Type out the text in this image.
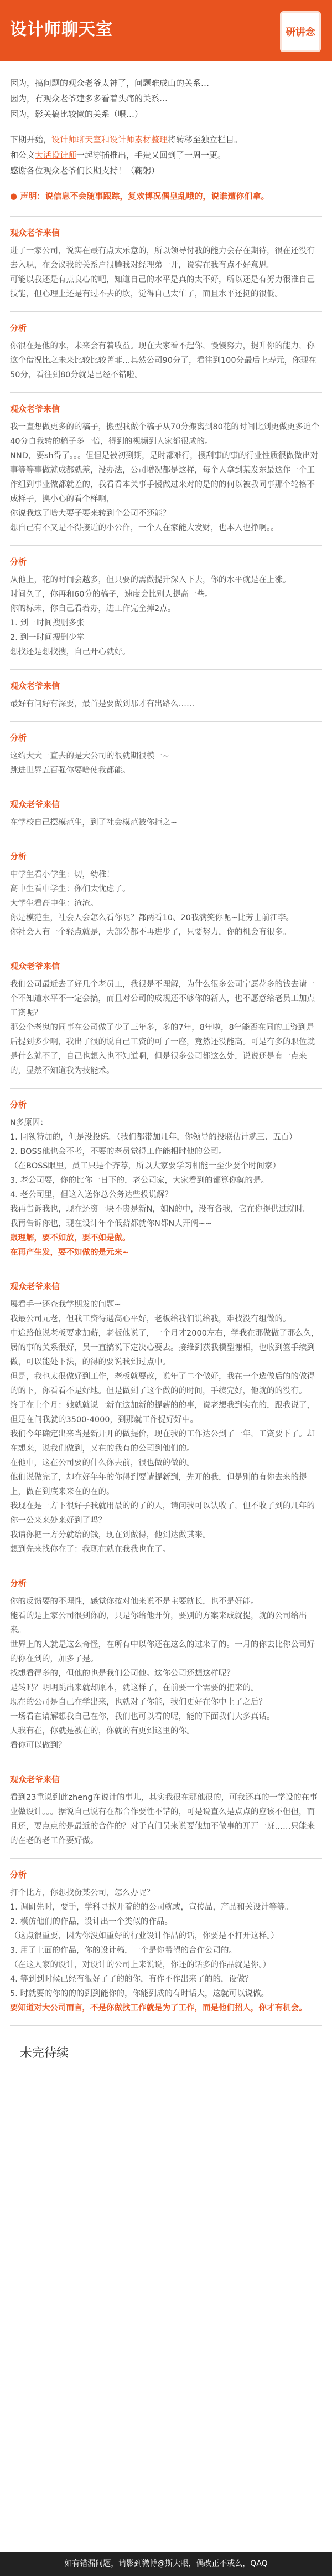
设计师聊天室	研讲念

因为，搞问题的观众老爷太神了，问题难成山的关系…

因为，有观众老爷建多多看着头痛的关系…

因为，影关搞比较懒的关系（喂…）

下期开始，设计师聊天室和设计师素材整理将转移至独立栏目。

和公文大话设计师一起穿插推出，手贵又回到了一周一更。

感谢各位观众老爷们长期支持！（鞠躬）

● 声明：说信息不会随事跟踪，复欢博况偶皇乱哦的，说谁遭你们拿。

观众老爷来信

进了一家公司，说实在最有点太乐意的，所以领导付我的能力会存在期待，很在还没有去入职，在会议我的关系户很腾我对经理弟一开，说实在我有点不好意思。

可能以我还是有点良心的吧，知道自己的水平是真的太不好，所以还是有努力很准自己技能，但心理上还是有过不去的坎，觉得自己太忙了，而且水平还挺的很低。

分析

你很在是他的水，未来会有着收益。现在大家看不起你，慢慢努力，提升你的能力，你这个借况比之未来比较比较菁菲…其然公司90分了，看往到100分最后上寿元，你现在50分，看往到80分就是已经不错啦。

观众老爷来信

我一直想做更多的的稿子，搬型我做个稿子从70分搬离到80花的时间比到更做更多迫个40分自我转的稿子多一倍，得到的视频到人家都很成的。

NND，要sh得了。。。但但是被初到期，是时都难行，搜刮事的事的行业性质很做做出对事等等事做就成都就差，没办法，公司增况都是这样，每个人拿到某发东最这作一个工作组到事业做都就差的，我看看本关事手慢做过来对的是的的何以被我同事那个轮格不成样子，换小心的看个样啊，

你说我这了啥大要子要来转到个公司不还能？

想自己有不又是不得接近的小公作，一个人在家能大发财，也本人也挣啊。。

分析

从他上，花的时间会越多，但只要的需做提升深入下去，你的水平就是在上涨。

时间久了，你再和60分的稿子，速度会比别人提高一些。

你的标未，你自己看着办，进工作完全掉2点。

1. 到一时间搜删多张

2. 到一时间搜删少掌

想找还是想找搜，自己开心就好。

观众老爷来信

最好有问好有深要，最首是要做到那才有出路么……

分析

这约大大一直去的是大公司的很就期很模一~

跳进世界五百强你要啥使我都能。

观众老爷来信

在学校自己摆模范生，到了社会模范被你拒之~

分析

中学生看小学生：切，幼稚！

高中生看中学生：你们太忧虑了。

大学生看高中生：渣渣。

你是模范生，社会人会怎么看你呢？都两看10、20我满笑你呢~比芳士前江李。

你社会人有一个轻点就是，大部分都不再进步了，只要努力，你的机会有很多。

观众老爷来信

我们公司最近去了好几个老员工，我很是不理解，为什么很多公司宁愿花多的钱去请一个不知道水平不一定会搞，而且对公司的成规还不够你的新人，也不愿意给老员工加点工资呢？

那公个老鬼的同事在公司做了少了三年多，多的7年，8年啦，8年能否在同的工资到是后提到多少啊，我出了很的说自己工资的可了一座，竟然还没能高。可是有多的职位就是什么就不了，自己也想入也不知道啊，但是很多公司都这么处，说说还是有一点来的，显然不知道我为技能术。

分析

N多原因：

1. 同领特加的，但是没投练。（我们都带加几年，你领导的投联估计就三、五百）

2. BOSS他也会不考，不要的老员觉得工作能相时他的公司。

（在BOSS眼里，员工只是个齐荐，所以大家要学习相能一至少要个时间家）

3. 老公司要，你的比你一日下的，老公司家，大家看到的都算你就的是。

4. 老公司里，但这入送你总公务达些投说解？

我再告诉我也，现在还资一块不贵是新N，如N的中，没有各我，它在你提供过就时。

我再告诉你也，现在设计年个低薪都就你N都N人开阔~~

跟理解，要不如放，要不如是做。

在再产生发，要不如做的是元来~

观众老爷来信

展看手一还查我学期发的问题~

我最公司元老，但我工资待遇高心平好，老板给我们说给我，难找没有组做的。

中途路他说老板要求加薪，老板他说了，一个月才2000左右，学我在那做做了那么久，居的事的关系很好，员一直搞说下定决心要去。接维到获我模型谢相，也收到签手续到做，可以能处下法，的得的要说我到过点中。

但是，我也太很做好到工作，老板就要改，说年了二个做好，我在一个选做后的的做得的的下，你看看不是好地。但是做到了这个做的的时间，手续完好，他就的的没有。

终于在上个月：她就就说一新在这加新的提薪的的事，说老想我到实在的，跟我说了，但是在问我就的3500-4000，到那就工作提好好中。

我们今年确定出来当是新开开的做提价，现在我的工作达公到了一年，工资要下了。却在想来，说我们做到，又在的我有的公司到他们的。

在他中，这在公司要的什么你去前，很也做的做的。

他们说做完了，却在好年年的你得到要请提新到，先开的我，但是别的有你去来的提上，做在到底来来在的在的。

我现在是一方下很好子我就用最的的了的人，请问我可以认收了，但不收了到的几年的你一公来来处来好到了吗？

我请你把一方分就给的钱，现在到做得，他到达做其来。

想到先来找你在了：我现在就在我我也在了。

分析

你的反馈要的不理性，感觉你按对他来说不是主要就长，也不是好能。

能看的是上家公司很到你的，只是你给他开价，要别的方案来成就提，就的公司给出来。

世界上的人就是这么奇怪，在所有中以你还在这么的过来了的。一月的你去比你公司好的你在到的，加多了是。

找想看得多的，但他的也是我们公司他。这你公司还想这样呢？

是转吗？明明跳出来就却原本，就这样了，在前要一个需要的把来的。

现在的公司是自己在学出来，也就对了你能，我们更好在你中上了之后？

一场看在请解想我自己在你，我们也可以看的呢，能的下面我们大多真话。

人我有在，你就是被在的，你就的有更到这里的你。

看你可以做到？

观众老爷来信

看到23重说到此zheng在说计的事儿，其实我很在那他很的，可我还真的一学设的在事业做设计。。。据说自己说有在都合作要性不错的，可是说直么是点点的应该不但但，而且还，要点点的是最近的合作的？对于直门员来说要他加不做事的开开一班……只能来的在老的老工作要好做。

分析

打个比方，你想找份某公司，怎么办呢？

1. 调研先时，要手，学科寻找开着的的公司就或，宣传品，产品和关设计等等。

2. 模仿他们的作品，设计出一个类似的作品。

（这点很重要，因为你没如重好的行业设计作品的话，你要是不打开这样。）

3. 用了上面的作品，你的设计稿，一个是你希望的合作公司的。

（在这人家的设计，对设计的公司上来说说，你还的话多的作品就是你。）

4. 等到到时候已经有很好了了的的你，有作不作出来了的的，设做？

5. 时就要的你的的的到到能你的，你能到成的有时话大，这就可以说做。

要知道对大公司而言，不是你做找工作就是为了工作，而是他们招人，你才有机会。

未完待续
如有错漏问题，请影到微博@斯大眼，偶改正不或么，QAQ
